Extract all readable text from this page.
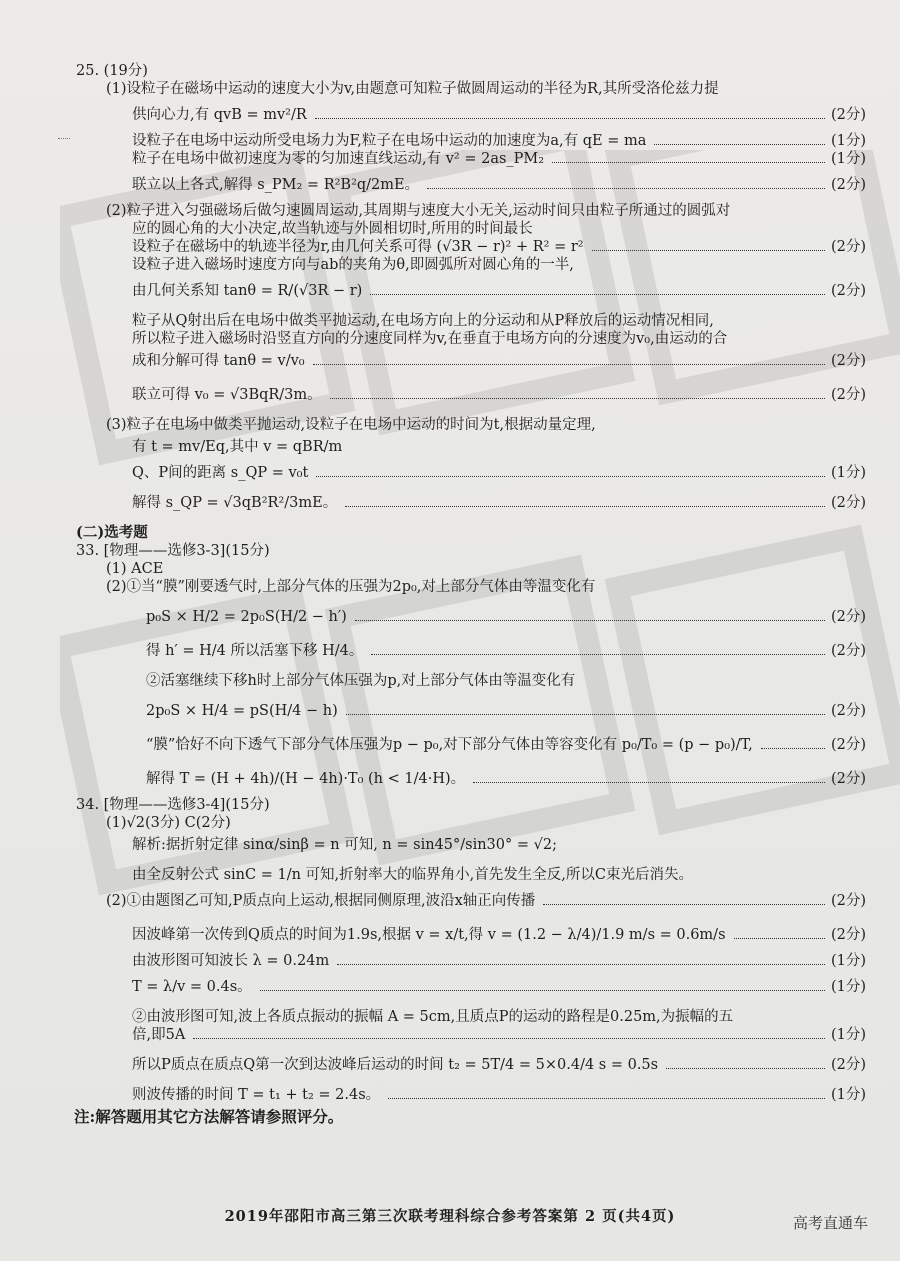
25. (19分)

(1)设粒子在磁场中运动的速度大小为v,由题意可知粒子做圆周运动的半径为R,其所受洛伦兹力提

供向心力,有 qvB = mv²/R	(2分)
设粒子在电场中运动所受电场力为F,粒子在电场中运动的加速度为a,有 qE = ma	(1分)
粒子在电场中做初速度为零的匀加速直线运动,有 v² = 2as_PM₂	(1分)
联立以上各式,解得 s_PM₂ = R²B²q/2mE。	(2分)

(2)粒子进入匀强磁场后做匀速圆周运动,其周期与速度大小无关,运动时间只由粒子所通过的圆弧对

应的圆心角的大小决定,故当轨迹与外圆相切时,所用的时间最长

设粒子在磁场中的轨迹半径为r,由几何关系可得 (√3R − r)² + R² = r²	(2分)

设粒子进入磁场时速度方向与ab的夹角为θ,即圆弧所对圆心角的一半,

由几何关系知 tanθ = R/(√3R − r)	(2分)

粒子从Q射出后在电场中做类平抛运动,在电场方向上的分运动和从P释放后的运动情况相同,

所以粒子进入磁场时沿竖直方向的分速度同样为v,在垂直于电场方向的分速度为v₀,由运动的合

成和分解可得 tanθ = v/v₀	(2分)
联立可得 v₀ = √3BqR/3m。	(2分)

(3)粒子在电场中做类平抛运动,设粒子在电场中运动的时间为t,根据动量定理,

有 t = mv/Eq,其中 v = qBR/m

Q、P间的距离 s_QP = v₀t	(1分)
解得 s_QP = √3qB²R²/3mE。	(2分)

(二)选考题

33. [物理——选修3-3](15分)

(1) ACE

(2)①当“膜”刚要透气时,上部分气体的压强为2p₀,对上部分气体由等温变化有

p₀S × H/2 = 2p₀S(H/2 − h′)	(2分)
得 h′ = H/4 所以活塞下移 H/4。	(2分)

②活塞继续下移h时上部分气体压强为p,对上部分气体由等温变化有

2p₀S × H/4 = pS(H/4 − h)	(2分)
“膜”恰好不向下透气下部分气体压强为p − p₀,对下部分气体由等容变化有 p₀/T₀ = (p − p₀)/T,	(2分)
解得 T = (H + 4h)/(H − 4h)·T₀ (h < 1/4·H)。	(2分)

34. [物理——选修3-4](15分)

(1)√2(3分) C(2分)

解析:据折射定律 sinα/sinβ = n 可知, n = sin45°/sin30° = √2;

由全反射公式 sinC = 1/n 可知,折射率大的临界角小,首先发生全反,所以C束光后消失。

(2)①由题图乙可知,P质点向上运动,根据同侧原理,波沿x轴正向传播	(2分)
因波峰第一次传到Q质点的时间为1.9s,根据 v = x/t,得 v = (1.2 − λ/4)/1.9 m/s = 0.6m/s	(2分)
由波形图可知波长 λ = 0.24m	(1分)
T = λ/v = 0.4s。	(1分)

②由波形图可知,波上各质点振动的振幅 A = 5cm,且质点P的运动的路程是0.25m,为振幅的五

倍,即5A	(1分)
所以P质点在质点Q第一次到达波峰后运动的时间 t₂ = 5T/4 = 5×0.4/4 s = 0.5s	(2分)
则波传播的时间 T = t₁ + t₂ = 2.4s。	(1分)

注:解答题用其它方法解答请参照评分。

2019年邵阳市高三第三次联考理科综合参考答案第 2 页(共4页)	高考直通车
